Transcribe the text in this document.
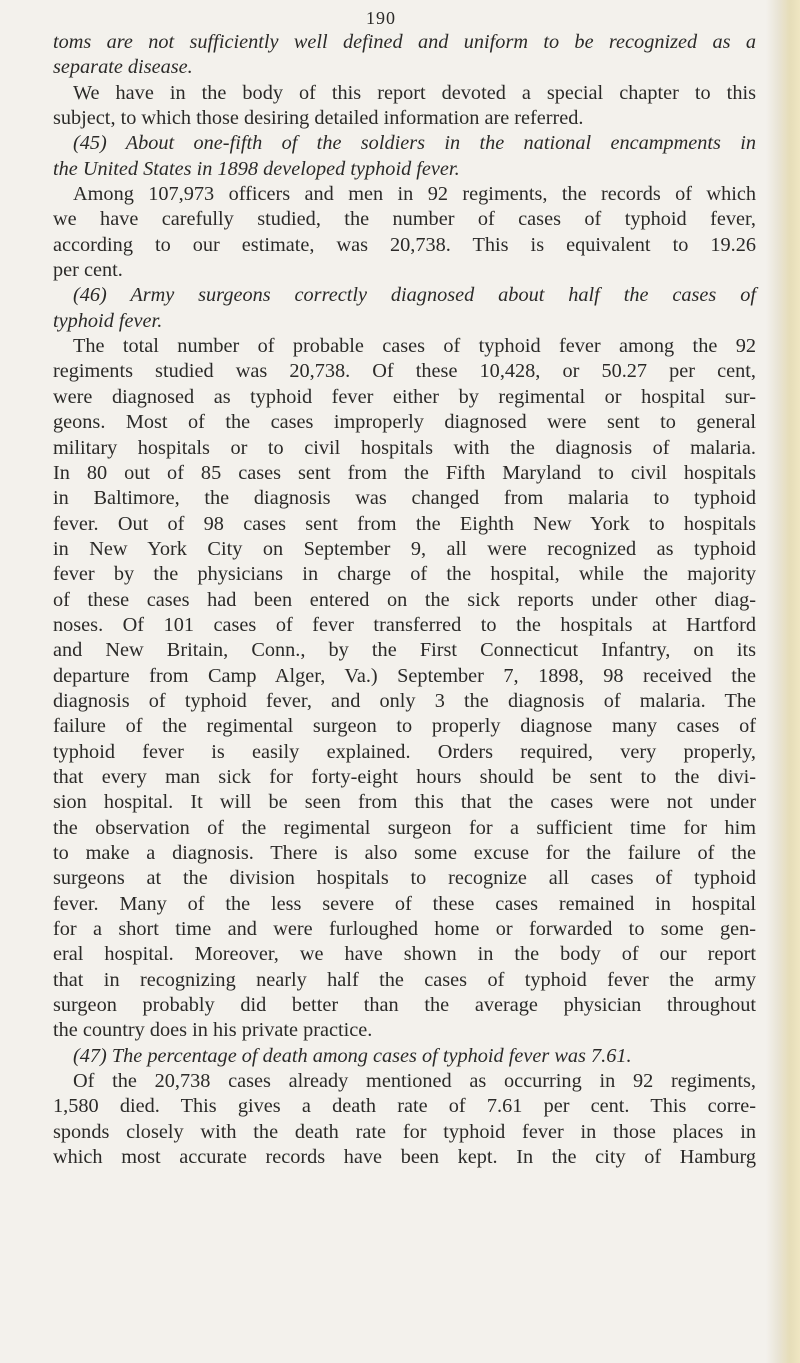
190
toms are not sufficiently well defined and uniform to be recognized as a
separate disease.
We have in the body of this report devoted a special chapter to this
subject, to which those desiring detailed information are referred.
(45) About one-fifth of the soldiers in the national encampments in
the United States in 1898 developed typhoid fever.
Among 107,973 officers and men in 92 regiments, the records of which
we have carefully studied, the number of cases of typhoid fever,
according to our estimate, was 20,738. This is equivalent to 19.26
per cent.
(46) Army surgeons correctly diagnosed about half the cases of
typhoid fever.
The total number of probable cases of typhoid fever among the 92
regiments studied was 20,738. Of these 10,428, or 50.27 per cent,
were diagnosed as typhoid fever either by regimental or hospital sur-
geons. Most of the cases improperly diagnosed were sent to general
military hospitals or to civil hospitals with the diagnosis of malaria.
In 80 out of 85 cases sent from the Fifth Maryland to civil hospitals
in Baltimore, the diagnosis was changed from malaria to typhoid
fever. Out of 98 cases sent from the Eighth New York to hospitals
in New York City on September 9, all were recognized as typhoid
fever by the physicians in charge of the hospital, while the majority
of these cases had been entered on the sick reports under other diag-
noses. Of 101 cases of fever transferred to the hospitals at Hartford
and New Britain, Conn., by the First Connecticut Infantry, on its
departure from Camp Alger, Va.) September 7, 1898, 98 received the
diagnosis of typhoid fever, and only 3 the diagnosis of malaria. The
failure of the regimental surgeon to properly diagnose many cases of
typhoid fever is easily explained. Orders required, very properly,
that every man sick for forty-eight hours should be sent to the divi-
sion hospital. It will be seen from this that the cases were not under
the observation of the regimental surgeon for a sufficient time for him
to make a diagnosis. There is also some excuse for the failure of the
surgeons at the division hospitals to recognize all cases of typhoid
fever. Many of the less severe of these cases remained in hospital
for a short time and were furloughed home or forwarded to some gen-
eral hospital. Moreover, we have shown in the body of our report
that in recognizing nearly half the cases of typhoid fever the army
surgeon probably did better than the average physician throughout
the country does in his private practice.
(47) The percentage of death among cases of typhoid fever was 7.61.
Of the 20,738 cases already mentioned as occurring in 92 regiments,
1,580 died. This gives a death rate of 7.61 per cent. This corre-
sponds closely with the death rate for typhoid fever in those places in
which most accurate records have been kept. In the city of Hamburg
